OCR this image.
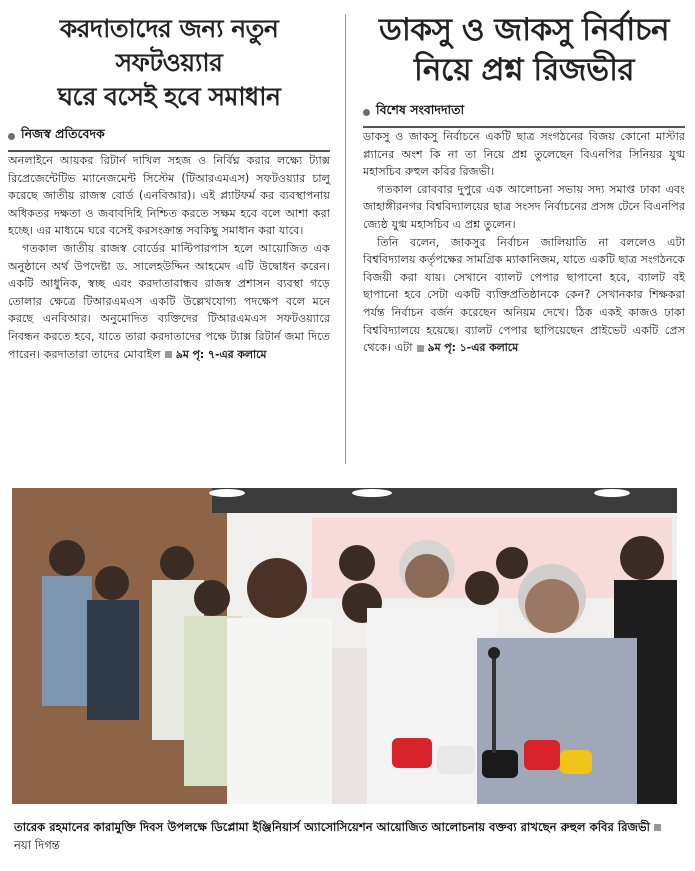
করদাতাদের জন্য নতুন সফটওয়্যার
ঘরে বসেই হবে সমাধান
নিজস্ব প্রতিবেদক

অনলাইনে আয়কর রিটার্ন দাখিল সহজ ও নির্বিঘ্ন করার লক্ষ্যে ট্যাক্স রিপ্রেজেন্টেটিভ ম্যানেজমেন্ট সিস্টেম (টিআরএমএস) সফটওয়্যার চালু করেছে জাতীয় রাজস্ব বোর্ড (এনবিআর)। এই প্ল্যাটফর্ম কর ব্যবস্থাপনায় অধিকতর দক্ষতা ও জবাবদিহি নিশ্চিত করতে সক্ষম হবে বলে আশা করা হচ্ছে। এর মাধ্যমে ঘরে বসেই করসংক্রান্ত সবকিছু সমাধান করা যাবে।

গতকাল জাতীয় রাজস্ব বোর্ডের মাল্টিপারপাস হলে আয়োজিত এক অনুষ্ঠানে অর্থ উপদেষ্টা ড. সালেহউদ্দিন আহমেদ এটি উদ্বোধন করেন। একটি আধুনিক, স্বচ্ছ এবং করদাতাবান্ধব রাজস্ব প্রশাসন ব্যবস্থা গড়ে তোলার ক্ষেত্রে টিআরএমএস একটি উল্লেখযোগ্য পদক্ষেপ বলে মনে করছে এনবিআর। অনুমোদিত ব্যক্তিদের টিআরএমএস সফটওয়্যারে নিবন্ধন করতে হবে, যাতে তারা করদাতাদের পক্ষে ট্যাক্স রিটার্ন জমা দিতে পারেন। করদাতারা তাদের মোবাইল ৯ম পৃ: ৭-এর কলামে

ডাকসু ও জাকসু নির্বাচন
নিয়ে প্রশ্ন রিজভীর
বিশেষ সংবাদদাতা

ডাকসু ও জাকসু নির্বাচনে একটি ছাত্র সংগঠনের বিজয় কোনো মাস্টার প্ল্যানের অংশ কি না তা নিয়ে প্রশ্ন তুলেছেন বিএনপির সিনিয়র যুগ্ম মহাসচিব রুহুল কবির রিজভী।

গতকাল রোববার দুপুরে এক আলোচনা সভায় সদ্য সমাপ্ত ঢাকা এবং জাহাঙ্গীরনগর বিশ্ববিদ্যালয়ের ছাত্র সংসদ নির্বাচনের প্রসঙ্গ টেনে বিএনপির জ্যেষ্ঠ যুগ্ম মহাসচিব এ প্রশ্ন তুলেন।

তিনি বলেন, জাকসুর নির্বাচন জালিয়াতি না বললেও এটা বিশ্ববিদ্যালয় কর্তৃপক্ষের সামগ্রিক ম্যাকানিজম, যাতে একটি ছাত্র সংগঠনকে বিজয়ী করা যায়। সেখানে ব্যালট পেপার ছাপানো হবে, ব্যালট বই ছাপানো হবে সেটা একটি ব্যক্তিপ্রতিষ্ঠানকে কেন? সেখানকার শিক্ষকরা পর্যন্ত নির্বাচন বর্জন করেছেন অনিয়ম দেখে। ঠিক একই কাজও ঢাকা বিশ্ববিদ্যালয়ে হয়েছে। ব্যালট পেপার ছাপিয়েছেন প্রাইভেট একটি প্রেস থেকে। এটা ৯ম পৃ: ১-এর কলামে

তারেক রহমানের কারামুক্তি দিবস উপলক্ষে ডিপ্লোমা ইঞ্জিনিয়ার্স অ্যাসোসিয়েশন আয়োজিত আলোচনায় বক্তব্য রাখছেন রুহুল কবির রিজভীনয়া দিগন্ত
